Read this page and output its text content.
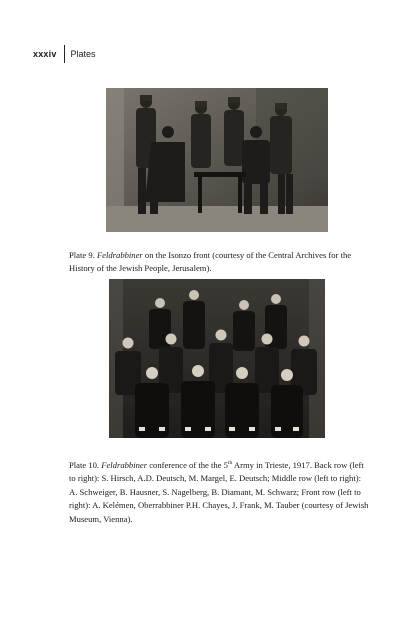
xxxiv Plates

Plate 9. Feldrabbiner on the Isonzo front (courtesy of the Central Archives for the History of the Jewish People, Jerusalem).

Plate 10. Feldrabbiner conference of the the 5th Army in Trieste, 1917. Back row (left to right): S. Hirsch, A.D. Deutsch, M. Margel, E. Deutsch; Middle row (left to right): A. Schweiger, B. Hausner, S. Nagelberg, B. Diamant, M. Schwarz; Front row (left to right): A. Kelémen, Oberrabbiner P.H. Chayes, J. Frank, M. Tauber (courtesy of Jewish Museum, Vienna).
